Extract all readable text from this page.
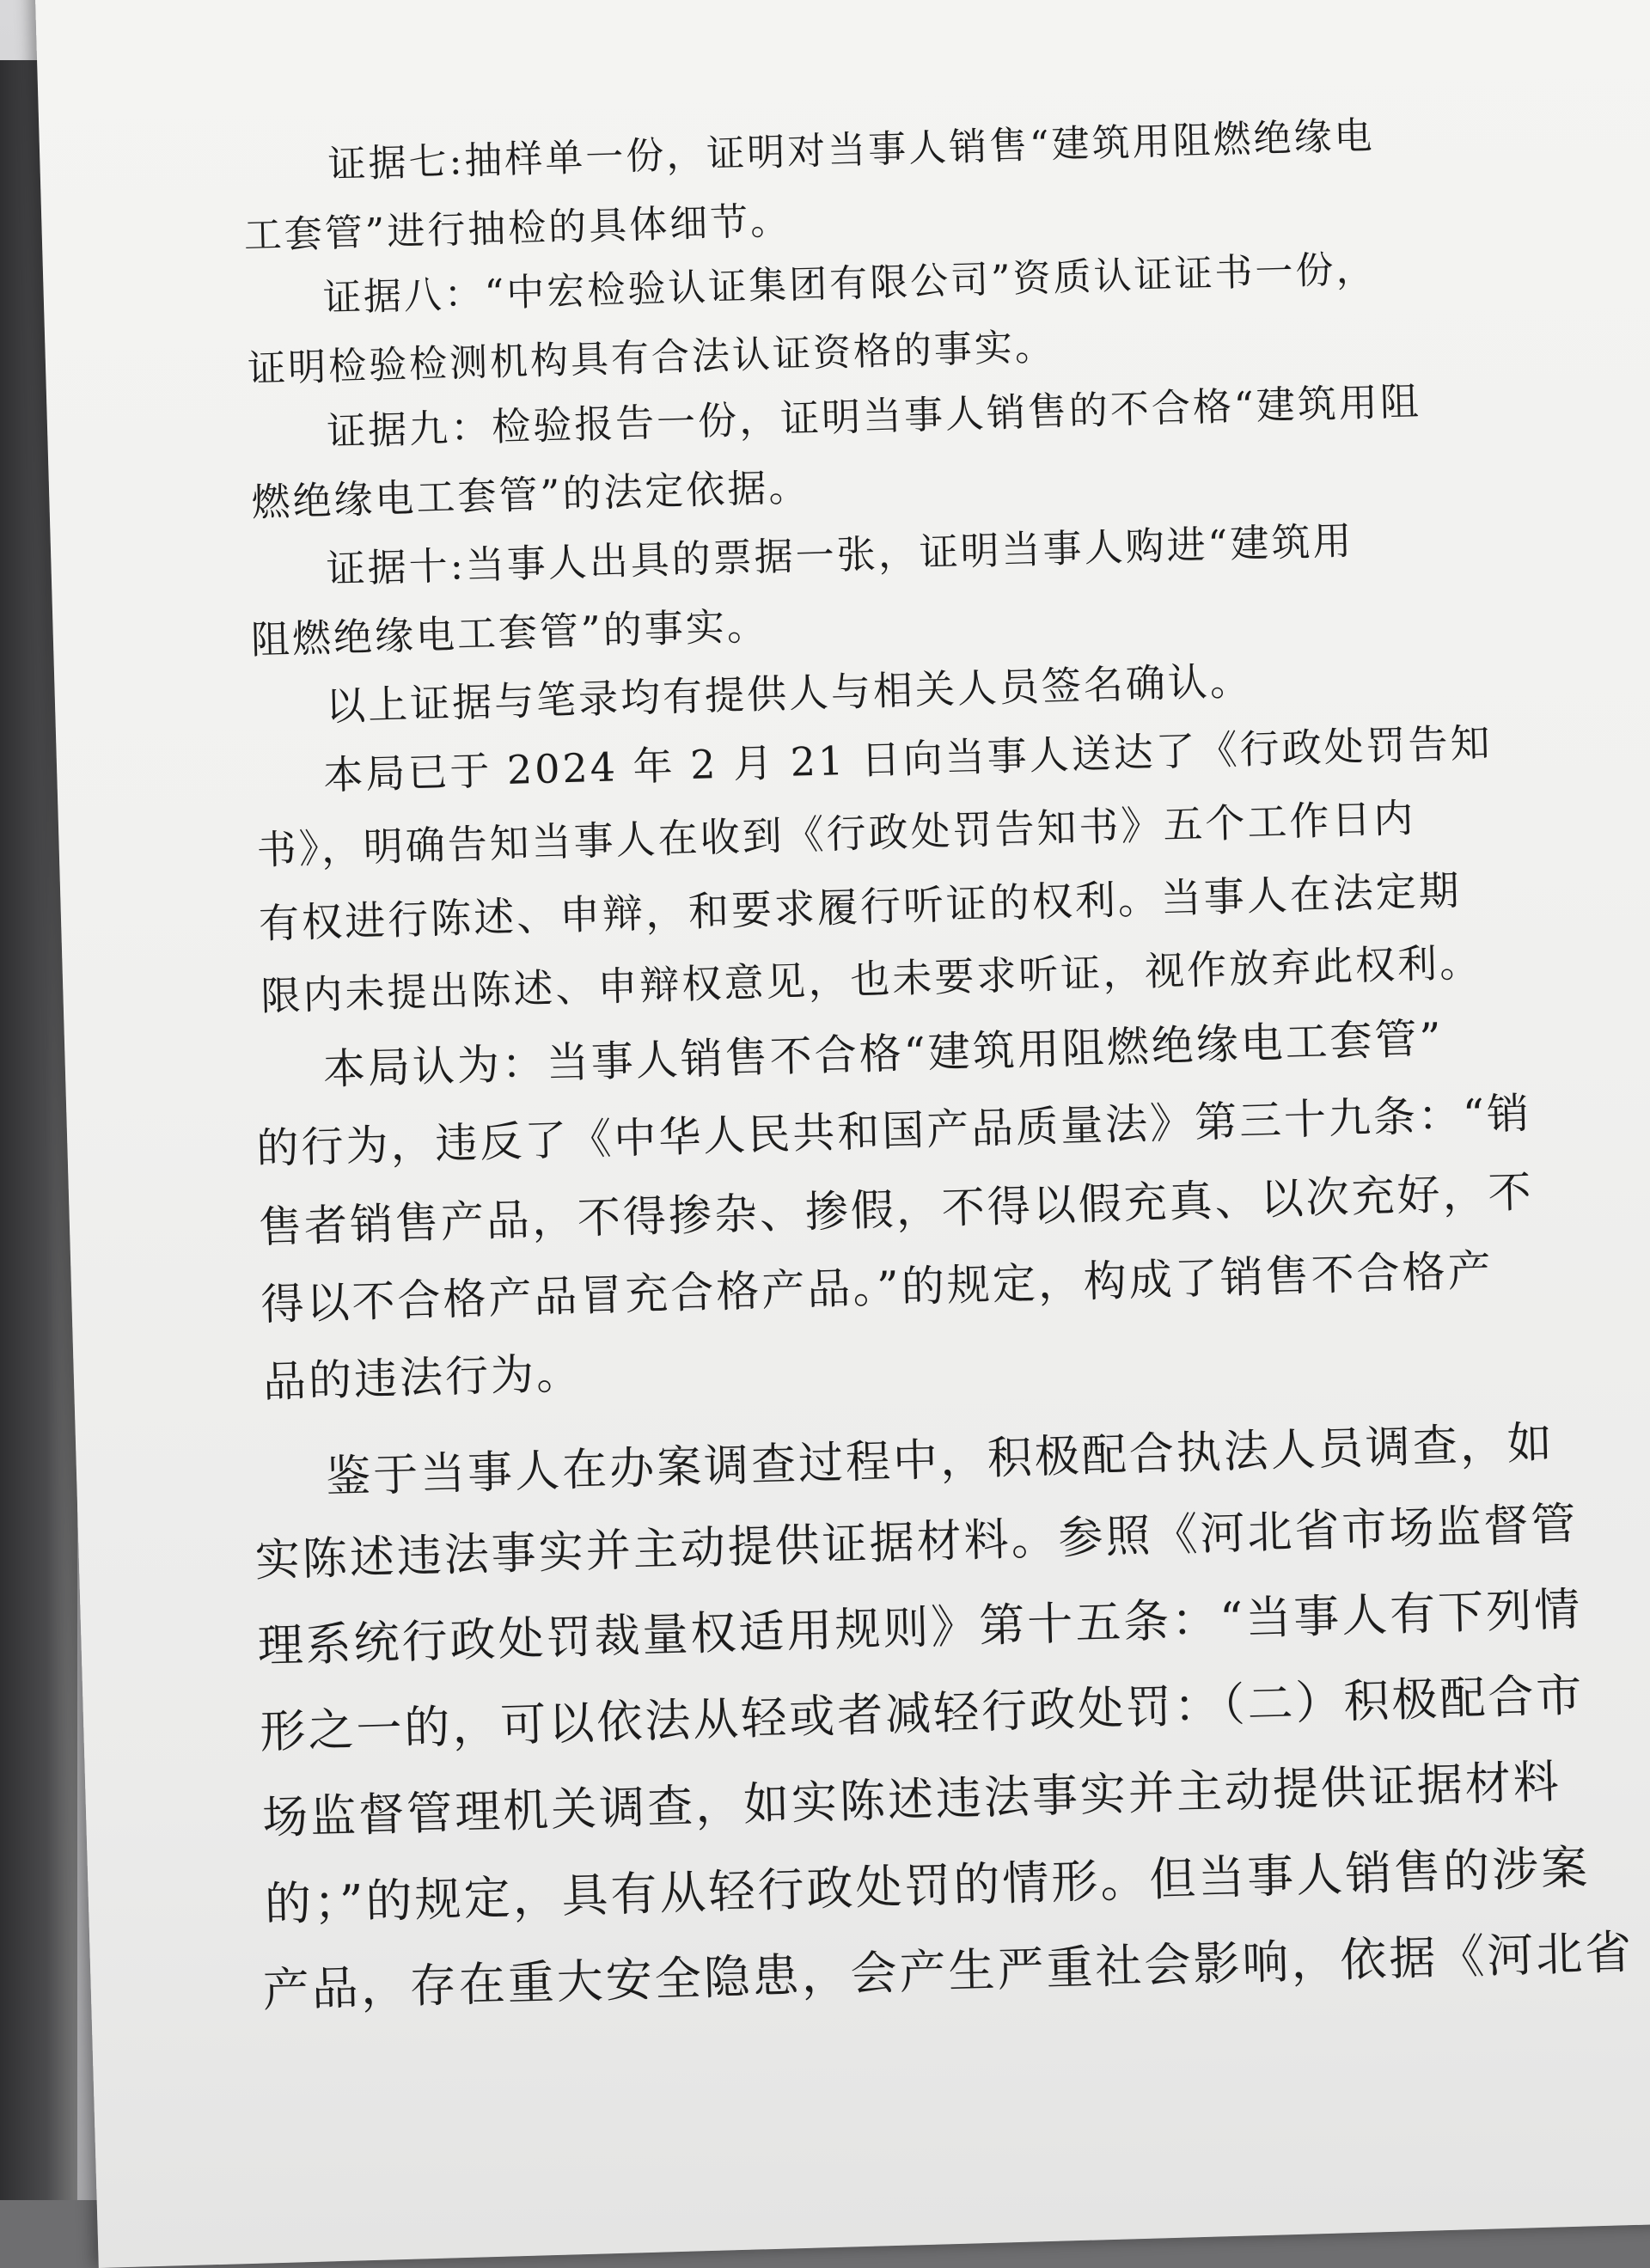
证据七:抽样单一份，证明对当事人销售“建筑用阻燃绝缘电
工套管”进行抽检的具体细节。
证据八：“中宏检验认证集团有限公司”资质认证证书一份，
证明检验检测机构具有合法认证资格的事实。
证据九：检验报告一份，证明当事人销售的不合格“建筑用阻
燃绝缘电工套管”的法定依据。
证据十:当事人出具的票据一张，证明当事人购进“建筑用
阻燃绝缘电工套管”的事实。
以上证据与笔录均有提供人与相关人员签名确认。
本局已于 2024 年 2 月 21 日向当事人送达了《行政处罚告知
书》，明确告知当事人在收到《行政处罚告知书》五个工作日内
有权进行陈述、申辩，和要求履行听证的权利。当事人在法定期
限内未提出陈述、申辩权意见，也未要求听证，视作放弃此权利。
本局认为：当事人销售不合格“建筑用阻燃绝缘电工套管”
的行为，违反了《中华人民共和国产品质量法》第三十九条：“销
售者销售产品，不得掺杂、掺假，不得以假充真、以次充好，不
得以不合格产品冒充合格产品。”的规定，构成了销售不合格产
品的违法行为。
鉴于当事人在办案调查过程中，积极配合执法人员调查，如
实陈述违法事实并主动提供证据材料。参照《河北省市场监督管
理系统行政处罚裁量权适用规则》第十五条：“当事人有下列情
形之一的，可以依法从轻或者减轻行政处罚：（二）积极配合市
场监督管理机关调查，如实陈述违法事实并主动提供证据材料
的；”的规定，具有从轻行政处罚的情形。但当事人销售的涉案
产品，存在重大安全隐患，会产生严重社会影响，依据《河北省
